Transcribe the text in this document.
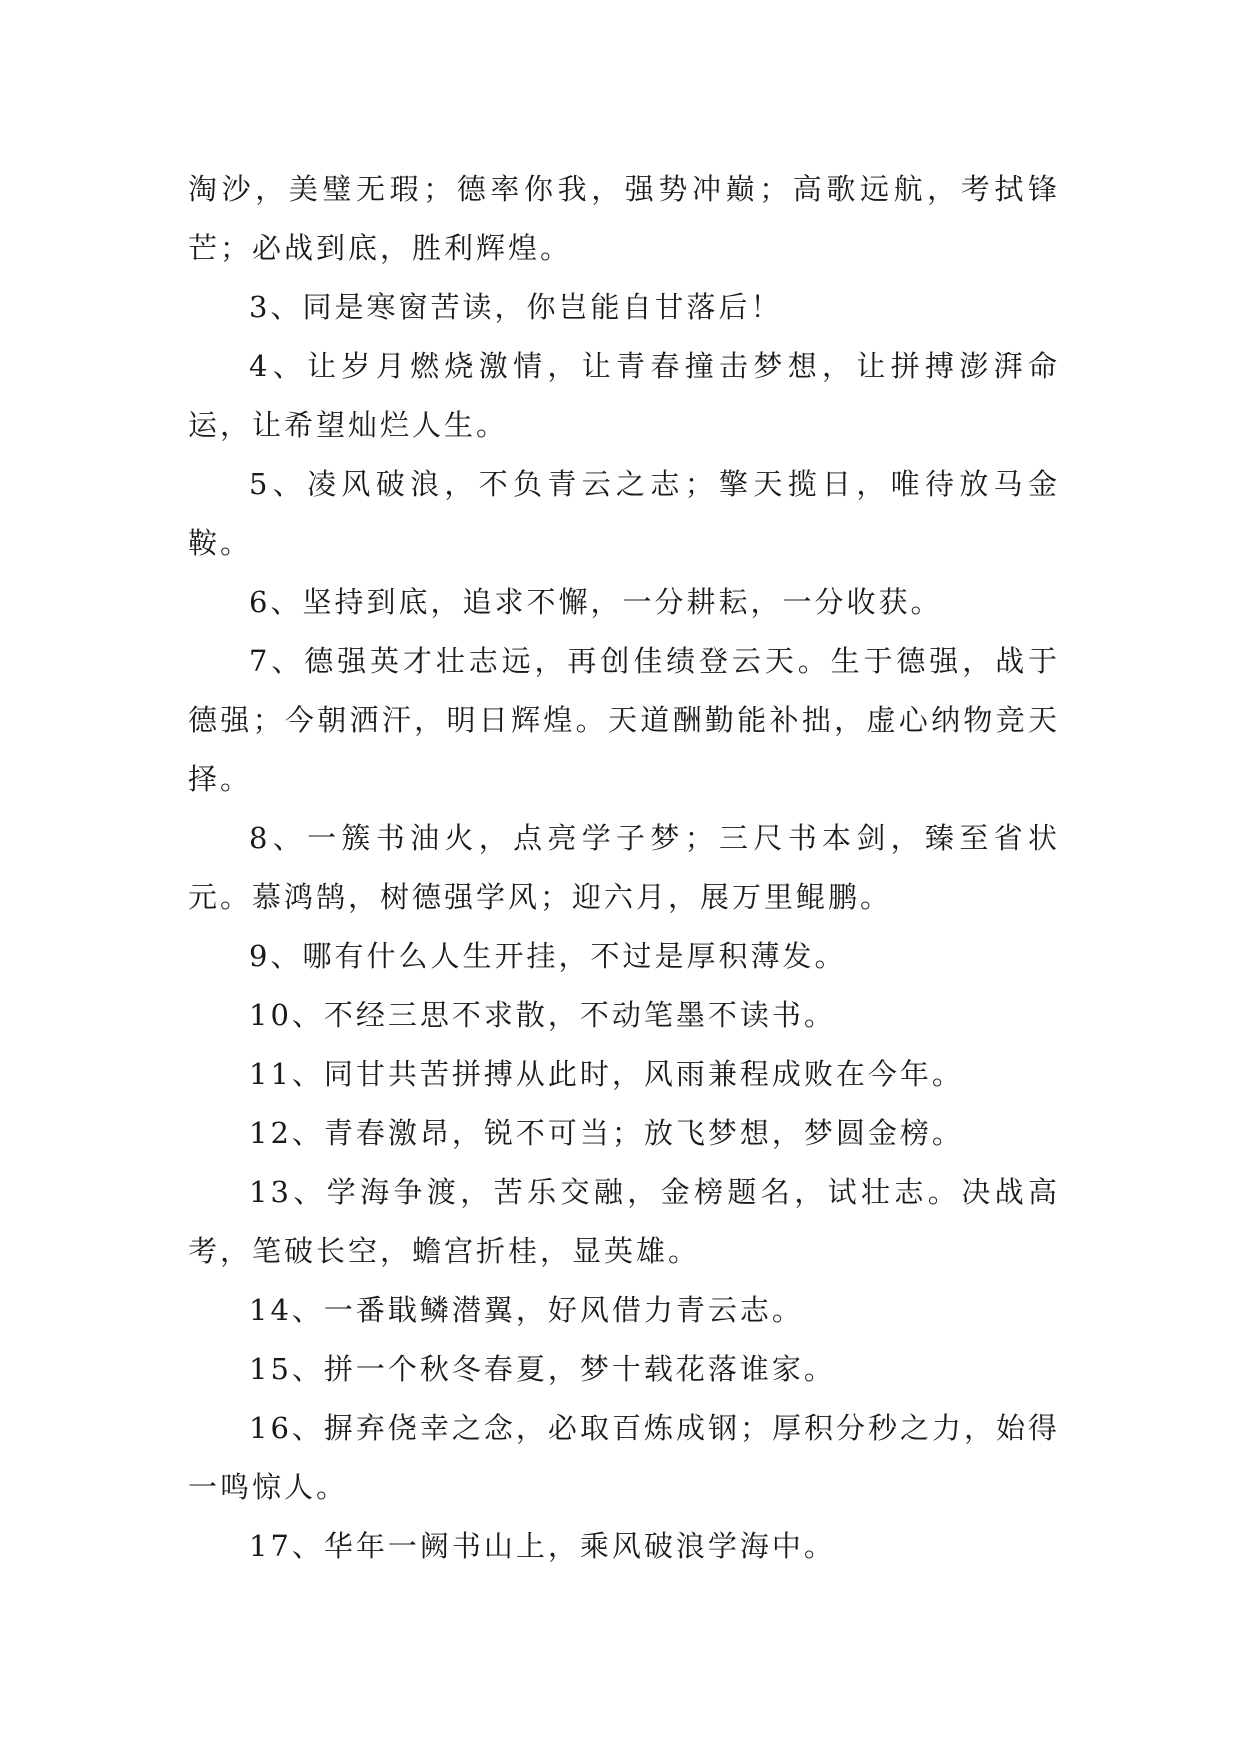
淘沙，美璧无瑕；德率你我，强势冲巅；高歌远航，考拭锋芒；必战到底，胜利辉煌。

3、同是寒窗苦读，你岂能自甘落后！

4、让岁月燃烧激情，让青春撞击梦想，让拼搏澎湃命运，让希望灿烂人生。

5、凌风破浪，不负青云之志；擎天揽日，唯待放马金鞍。

6、坚持到底，追求不懈，一分耕耘，一分收获。

7、德强英才壮志远，再创佳绩登云天。生于德强，战于德强；今朝洒汗，明日辉煌。天道酬勤能补拙，虚心纳物竞天择。

8、一簇书油火，点亮学子梦；三尺书本剑，臻至省状元。慕鸿鹄，树德强学风；迎六月，展万里鲲鹏。

9、哪有什么人生开挂，不过是厚积薄发。

10、不经三思不求散，不动笔墨不读书。

11、同甘共苦拼搏从此时，风雨兼程成败在今年。

12、青春激昂，锐不可当；放飞梦想，梦圆金榜。

13、学海争渡，苦乐交融，金榜题名，试壮志。决战高考，笔破长空，蟾宫折桂，显英雄。

14、一番戢鳞潜翼，好风借力青云志。

15、拼一个秋冬春夏，梦十载花落谁家。

16、摒弃侥幸之念，必取百炼成钢；厚积分秒之力，始得一鸣惊人。

17、华年一阙书山上，乘风破浪学海中。
